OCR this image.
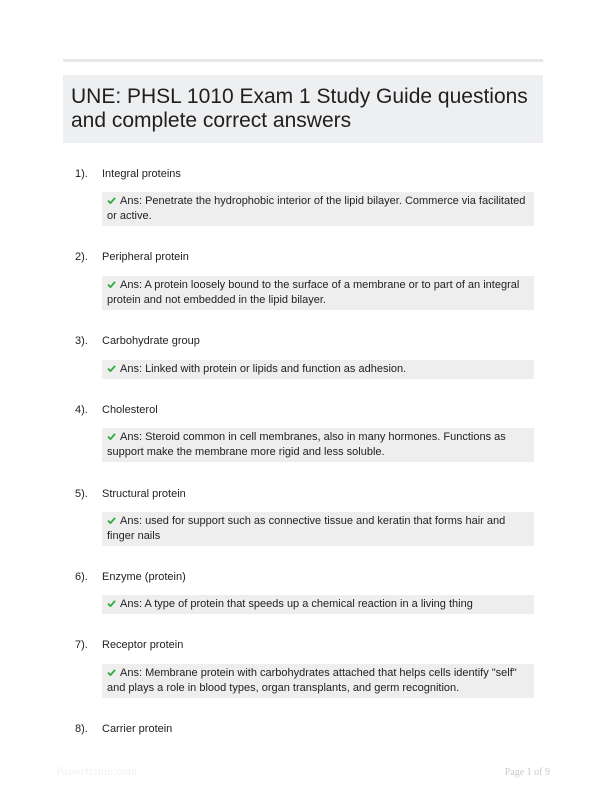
UNE: PHSL 1010 Exam 1 Study Guide questions and complete correct answers
1). Integral proteins
Ans: Penetrate the hydrophobic interior of the lipid bilayer. Commerce via facilitated or active.
2). Peripheral protein
Ans: A protein loosely bound to the surface of a membrane or to part of an integral protein and not embedded in the lipid bilayer.
3). Carbohydrate group
Ans: Linked with protein or lipids and function as adhesion.
4). Cholesterol
Ans: Steroid common in cell membranes, also in many hormones. Functions as support make the membrane more rigid and less soluble.
5). Structural protein
Ans: used for support such as connective tissue and keratin that forms hair and finger nails
6). Enzyme (protein)
Ans: A type of protein that speeds up a chemical reaction in a living thing
7). Receptor protein
Ans: Membrane protein with carbohydrates attached that helps cells identify "self" and plays a role in blood types, organ transplants, and germ recognition.
8). Carrier protein
Papertrible.com	Page 1 of 9
